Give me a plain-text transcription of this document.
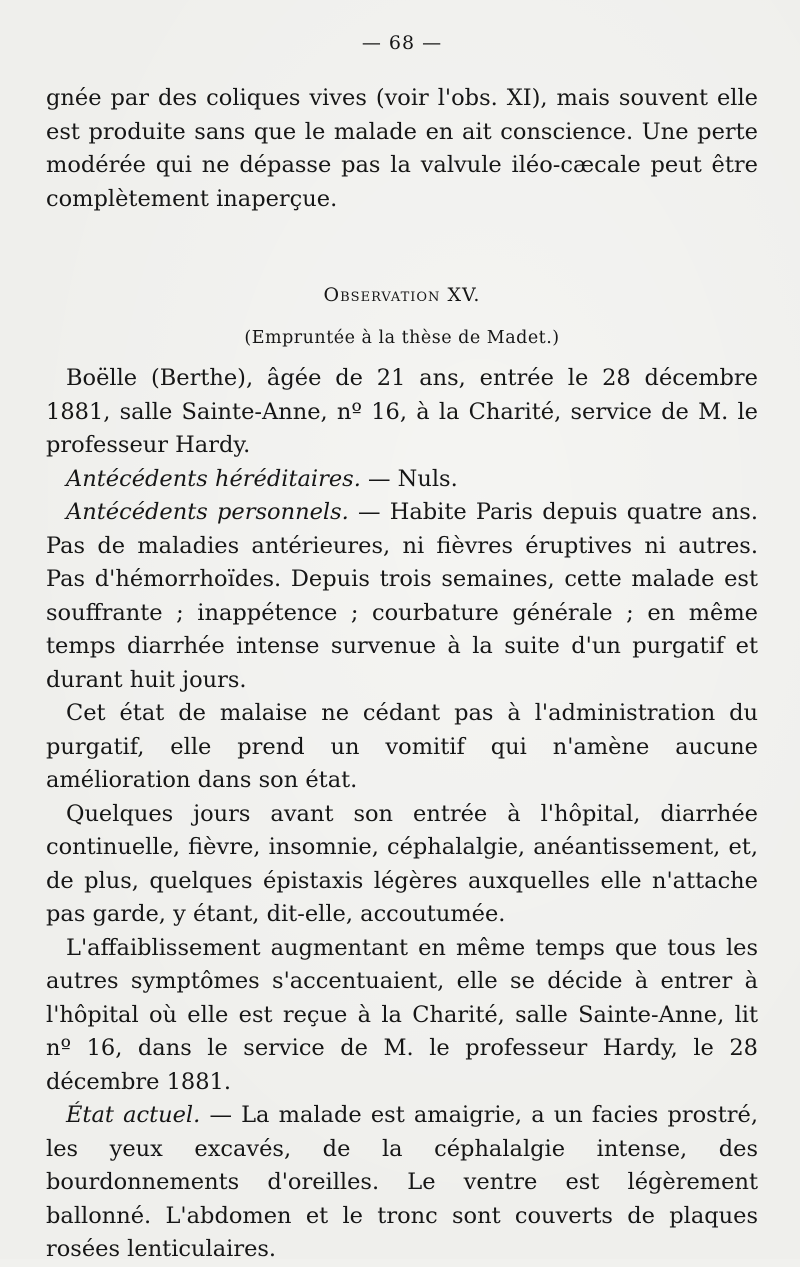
— 68 —

gnée par des coliques vives (voir l'obs. XI), mais souvent elle est produite sans que le malade en ait conscience. Une perte modérée qui ne dépasse pas la valvule iléo-cæcale peut être complètement inaperçue.

Observation XV.
(Empruntée à la thèse de Madet.)

Boëlle (Berthe), âgée de 21 ans, entrée le 28 décembre 1881, salle Sainte-Anne, nº 16, à la Charité, service de M. le professeur Hardy.

Antécédents héréditaires. — Nuls.

Antécédents personnels. — Habite Paris depuis quatre ans. Pas de maladies antérieures, ni fièvres éruptives ni autres. Pas d'hémorrhoïdes. Depuis trois semaines, cette malade est souffrante ; inappétence ; courbature générale ; en même temps diarrhée intense survenue à la suite d'un purgatif et durant huit jours.

Cet état de malaise ne cédant pas à l'administration du purgatif, elle prend un vomitif qui n'amène aucune amélioration dans son état.

Quelques jours avant son entrée à l'hôpital, diarrhée continuelle, fièvre, insomnie, céphalalgie, anéantissement, et, de plus, quelques épistaxis légères auxquelles elle n'attache pas garde, y étant, dit-elle, accoutumée.

L'affaiblissement augmentant en même temps que tous les autres symptômes s'accentuaient, elle se décide à entrer à l'hôpital où elle est reçue à la Charité, salle Sainte-Anne, lit nº 16, dans le service de M. le professeur Hardy, le 28 décembre 1881.

État actuel. — La malade est amaigrie, a un facies prostré, les yeux excavés, de la céphalalgie intense, des bourdonnements d'oreilles. Le ventre est légèrement ballonné. L'abdomen et le tronc sont couverts de plaques rosées lenticulaires.
